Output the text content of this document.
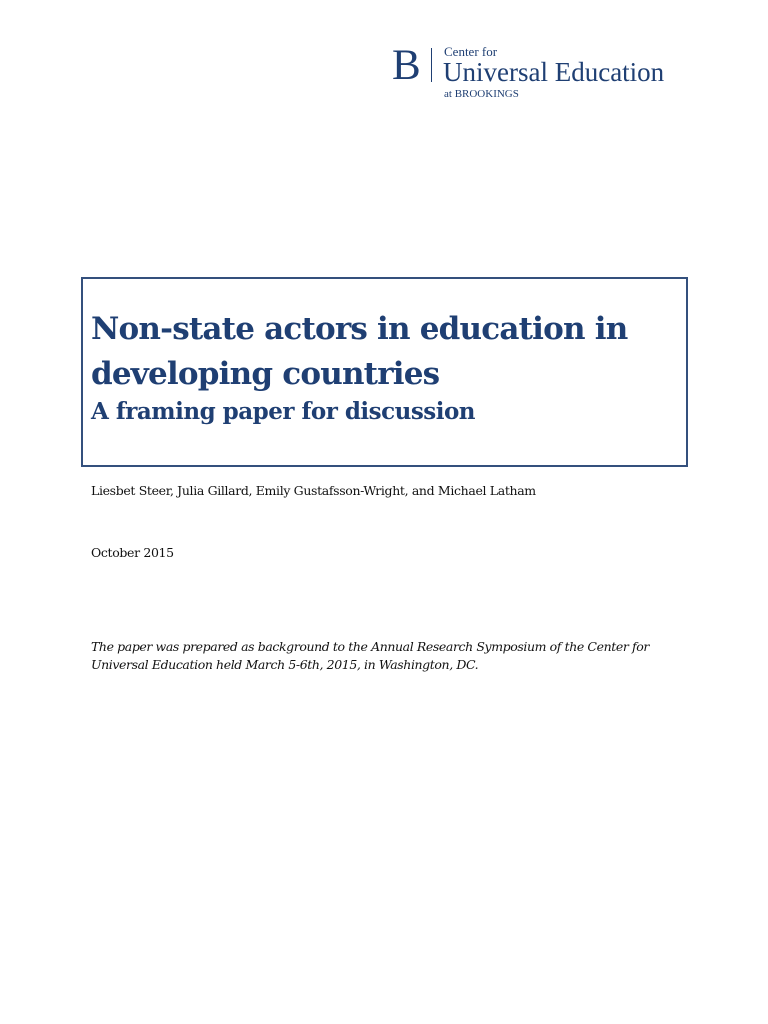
B Center for
Universal Education
at BROOKINGS
Non-state actors in education in developing countries
A framing paper for discussion
Liesbet Steer, Julia Gillard, Emily Gustafsson-Wright, and Michael Latham
October 2015

The paper was prepared as background to the Annual Research Symposium of the Center for Universal Education held March 5-6th, 2015, in Washington, DC.
